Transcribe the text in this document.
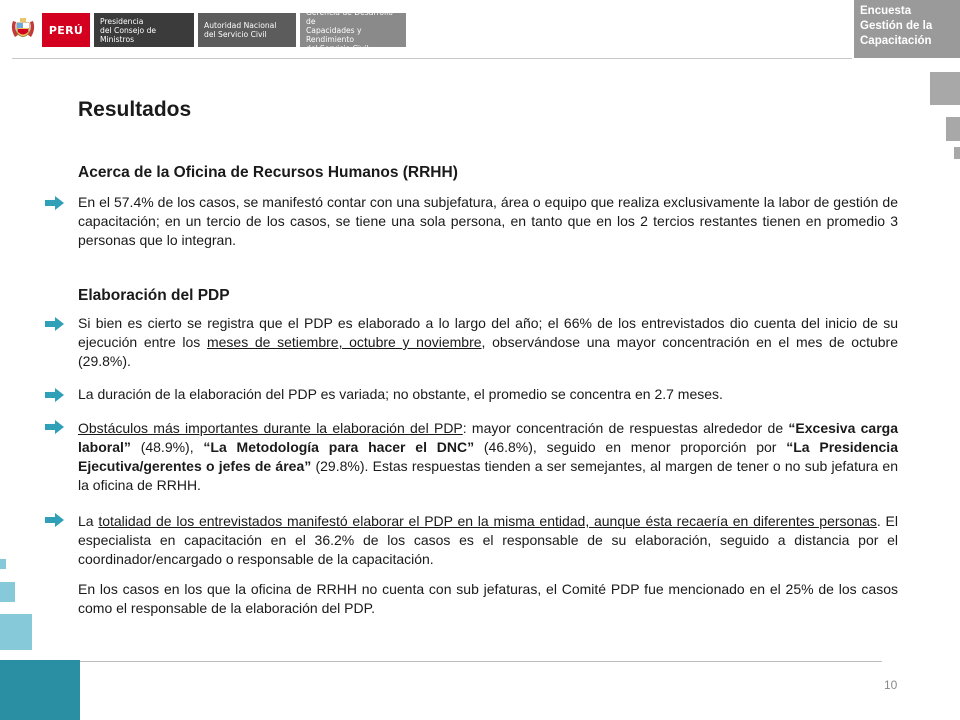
PERÚ
Presidencia
del Consejo de Ministros
Autoridad Nacional
del Servicio Civil
Gerencia de Desarrollo de
Capacidades y Rendimiento
del Servicio Civil
Encuesta
Gestión de la
Capacitación
Resultados
Acerca de la Oficina de Recursos Humanos (RRHH)
En el 57.4% de los casos, se manifestó contar con una subjefatura, área o equipo que realiza exclusivamente la labor de gestión de capacitación; en un tercio de los casos, se tiene una sola persona, en tanto que en los 2 tercios restantes tienen en promedio 3 personas que lo integran.
Elaboración del PDP
Si bien es cierto se registra que el PDP es elaborado a lo largo del año; el 66% de los entrevistados dio cuenta del inicio de su ejecución entre los meses de setiembre, octubre y noviembre, observándose una mayor concentración en el mes de octubre (29.8%).
La duración de la elaboración del PDP es variada; no obstante, el promedio se concentra en 2.7 meses.
Obstáculos más importantes durante la elaboración del PDP: mayor concentración de respuestas alrededor de “Excesiva carga laboral” (48.9%), “La Metodología para hacer el DNC” (46.8%), seguido en menor proporción por “La Presidencia Ejecutiva/gerentes o jefes de área” (29.8%). Estas respuestas tienden a ser semejantes, al margen de tener o no sub jefatura en la oficina de RRHH.
La totalidad de los entrevistados manifestó elaborar el PDP en la misma entidad, aunque ésta recaería en diferentes personas. El especialista en capacitación en el 36.2% de los casos es el responsable de su elaboración, seguido a distancia por el coordinador/encargado o responsable de la capacitación.
En los casos en los que la oficina de RRHH no cuenta con sub jefaturas, el Comité PDP fue mencionado en el 25% de los casos como el responsable de la elaboración del PDP.
10
